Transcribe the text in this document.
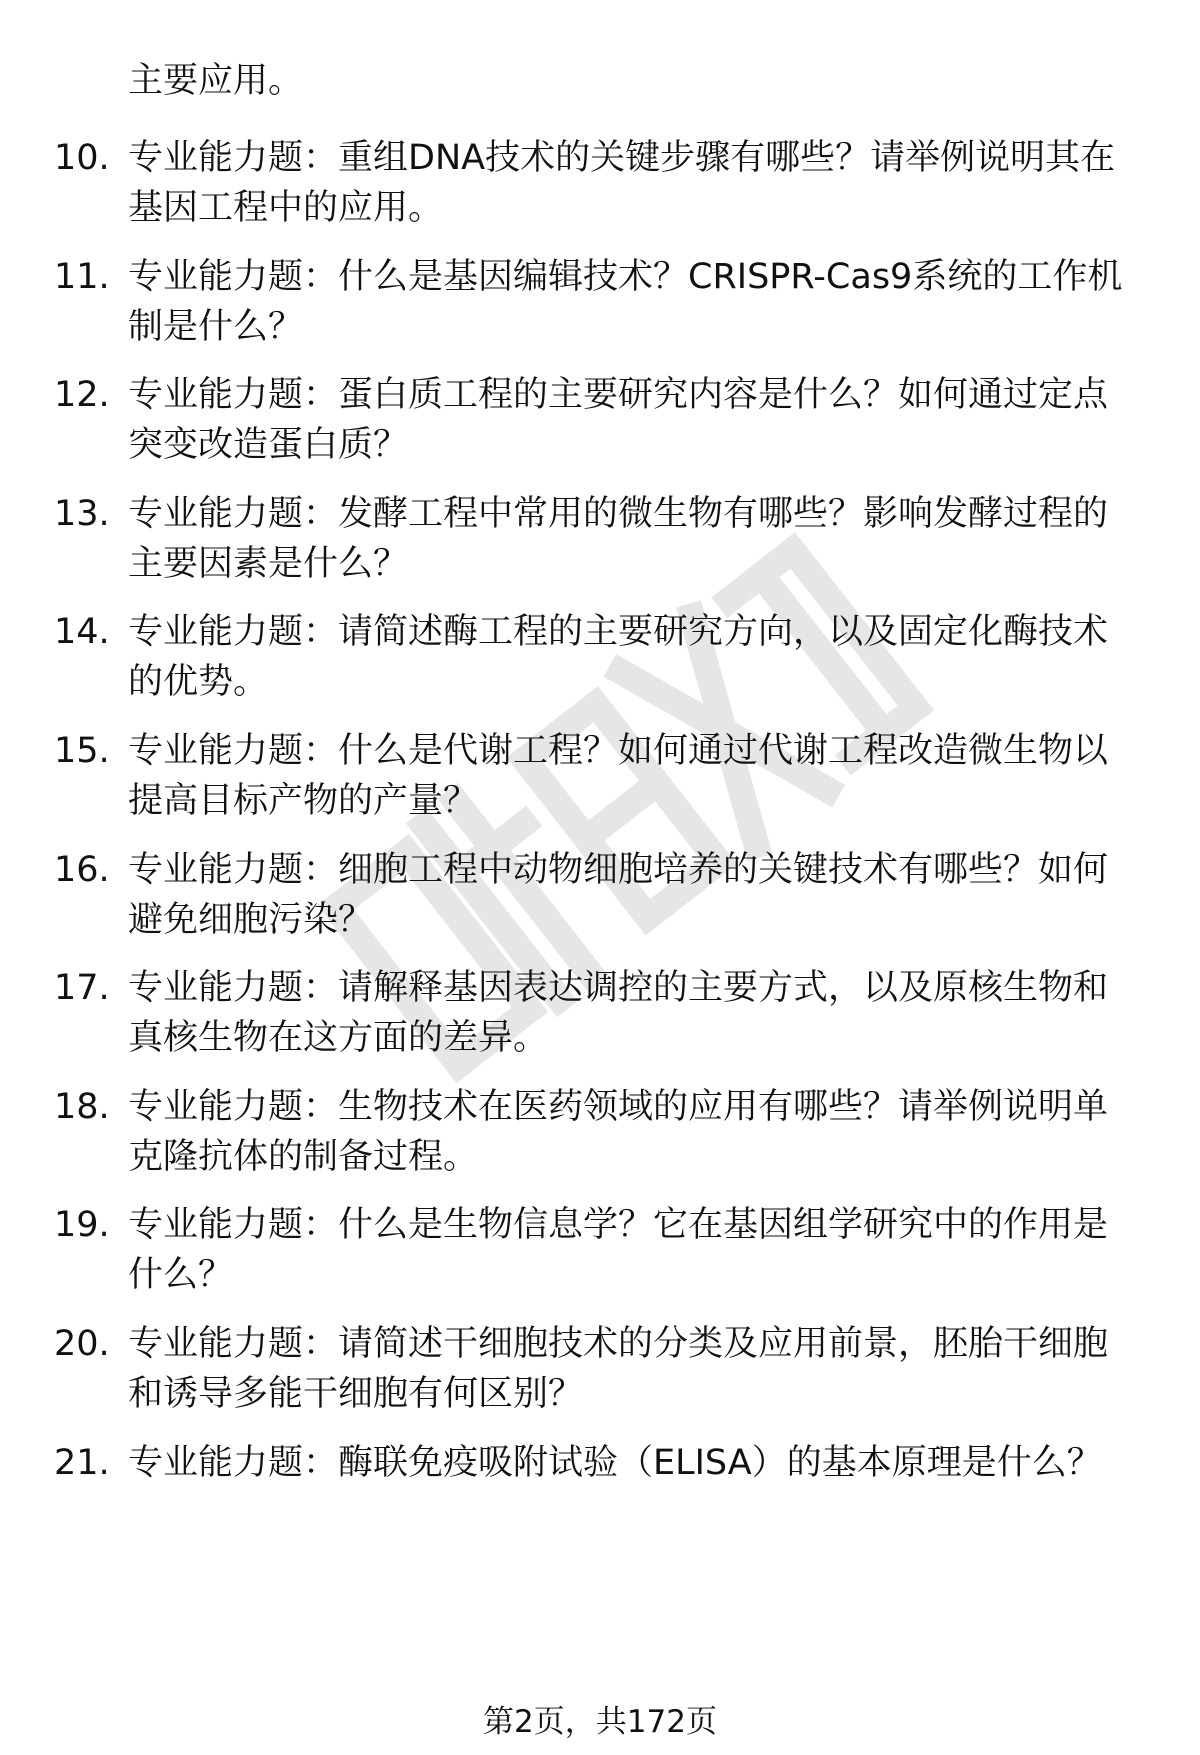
主要应用。
10. 专业能力题：重组DNA技术的关键步骤有哪些？请举例说明其在
基因工程中的应用。
11. 专业能力题：什么是基因编辑技术？CRISPR-Cas9系统的工作机
制是什么？
12. 专业能力题：蛋白质工程的主要研究内容是什么？如何通过定点
突变改造蛋白质？
13. 专业能力题：发酵工程中常用的微生物有哪些？影响发酵过程的
主要因素是什么？
14. 专业能力题：请简述酶工程的主要研究方向，以及固定化酶技术
的优势。
15. 专业能力题：什么是代谢工程？如何通过代谢工程改造微生物以
提高目标产物的产量？
16. 专业能力题：细胞工程中动物细胞培养的关键技术有哪些？如何
避免细胞污染？
17. 专业能力题：请解释基因表达调控的主要方式，以及原核生物和
真核生物在这方面的差异。
18. 专业能力题：生物技术在医药领域的应用有哪些？请举例说明单
克隆抗体的制备过程。
19. 专业能力题：什么是生物信息学？它在基因组学研究中的作用是
什么？
20. 专业能力题：请简述干细胞技术的分类及应用前景，胚胎干细胞
和诱导多能干细胞有何区别？
21. 专业能力题：酶联免疫吸附试验（ELISA）的基本原理是什么？
第2页，共172页
